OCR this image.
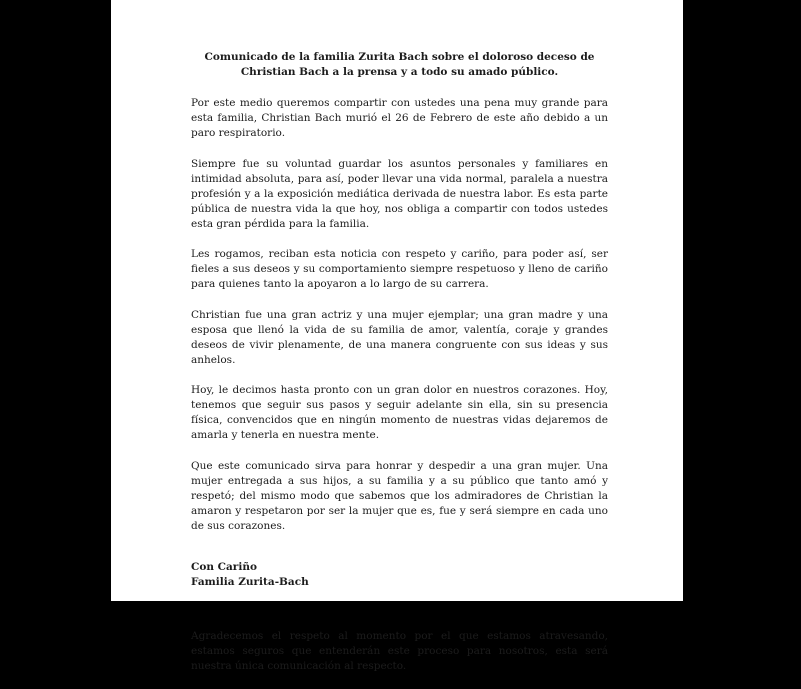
Comunicado de la familia Zurita Bach sobre el doloroso deceso de
Christian Bach a la prensa y a todo su amado público.

Por este medio queremos compartir con ustedes una pena muy grande para esta familia, Christian Bach murió el 26 de Febrero de este año debido a un paro respiratorio.

Siempre fue su voluntad guardar los asuntos personales y familiares en intimidad absoluta, para así, poder llevar una vida normal, paralela a nuestra profesión y a la exposición mediática derivada de nuestra labor. Es esta parte pública de nuestra vida la que hoy, nos obliga a compartir con todos ustedes esta gran pérdida para la familia.

Les rogamos, reciban esta noticia con respeto y cariño, para poder así, ser fieles a sus deseos y su comportamiento siempre respetuoso y lleno de cariño para quienes tanto la apoyaron a lo largo de su carrera.

Christian fue una gran actriz y una mujer ejemplar; una gran madre y una esposa que llenó la vida de su familia de amor, valentía, coraje y grandes deseos de vivir plenamente, de una manera congruente con sus ideas y sus anhelos.

Hoy, le decimos hasta pronto con un gran dolor en nuestros corazones. Hoy, tenemos que seguir sus pasos y seguir adelante sin ella, sin su presencia física, convencidos que en ningún momento de nuestras vidas dejaremos de amarla y tenerla en nuestra mente.

Que este comunicado sirva para honrar y despedir a una gran mujer. Una mujer entregada a sus hijos, a su familia y a su público que tanto amó y respetó; del mismo modo que sabemos que los admiradores de Christian la amaron y respetaron por ser la mujer que es, fue y será siempre en cada uno de sus corazones.

Con Cariño
Familia Zurita-Bach

Agradecemos el respeto al momento por el que estamos atravesando, estamos seguros que entenderán este proceso para nosotros, esta será nuestra única comunicación al respecto.
